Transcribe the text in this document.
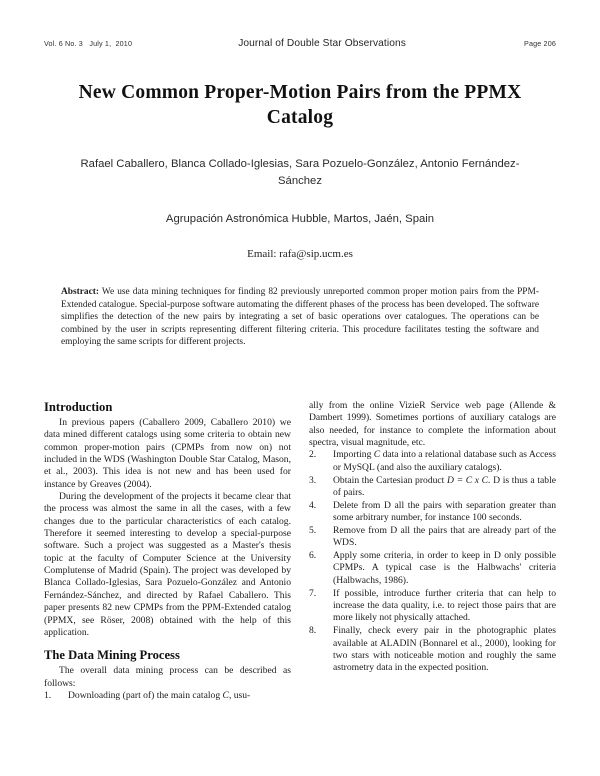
Vol. 6 No. 3   July 1,  2010	Journal of Double Star Observations	Page 206
New Common Proper-Motion Pairs from the PPMX Catalog
Rafael Caballero, Blanca Collado-Iglesias, Sara Pozuelo-González, Antonio Fernández-Sánchez
Agrupación Astronómica Hubble, Martos, Jaén, Spain
Email: rafa@sip.ucm.es
Abstract: We use data mining techniques for finding 82 previously unreported common proper motion pairs from the PPM-Extended catalogue. Special-purpose software automating the different phases of the process has been developed. The software simplifies the detection of the new pairs by integrating a set of basic operations over catalogues. The operations can be combined by the user in scripts representing different filtering criteria. This procedure facilitates testing the software and employing the same scripts for different projects.
Introduction

In previous papers (Caballero 2009, Caballero 2010) we data mined different catalogs using some criteria to obtain new common proper-motion pairs (CPMPs from now on) not included in the WDS (Washington Double Star Catalog, Mason, et al., 2003). This idea is not new and has been used for instance by Greaves (2004).

During the development of the projects it became clear that the process was almost the same in all the cases, with a few changes due to the particular characteristics of each catalog. Therefore it seemed interesting to develop a special-purpose software. Such a project was suggested as a Master's thesis topic at the faculty of Computer Science at the University Complutense of Madrid (Spain). The project was developed by Blanca Collado-Iglesias, Sara Pozuelo-González and Antonio Fernández-Sánchez, and directed by Rafael Caballero. This paper presents 82 new CPMPs from the PPM-Extended catalog (PPMX, see Röser, 2008) obtained with the help of this application.

The Data Mining Process

The overall data mining process can be described as follows:

Downloading (part of) the main catalog C, usu-

ally from the online VizieR Service web page (Allende & Dambert 1999). Sometimes portions of auxiliary catalogs are also needed, for instance to complete the information about spectra, visual magnitude, etc.

Importing C data into a relational database such as Access or MySQL (and also the auxiliary catalogs).
Obtain the Cartesian product D = C x C. D is thus a table of pairs.
Delete from D all the pairs with separation greater than some arbitrary number, for instance 100 seconds.
Remove from D all the pairs that are already part of the WDS.
Apply some criteria, in order to keep in D only possible CPMPs. A typical case is the Halbwachs' criteria (Halbwachs, 1986).
If possible, introduce further criteria that can help to increase the data quality, i.e. to reject those pairs that are more likely not physically attached.
Finally, check every pair in the photographic plates available at ALADIN (Bonnarel et al., 2000), looking for two stars with noticeable motion and roughly the same astrometry data in the expected position.
